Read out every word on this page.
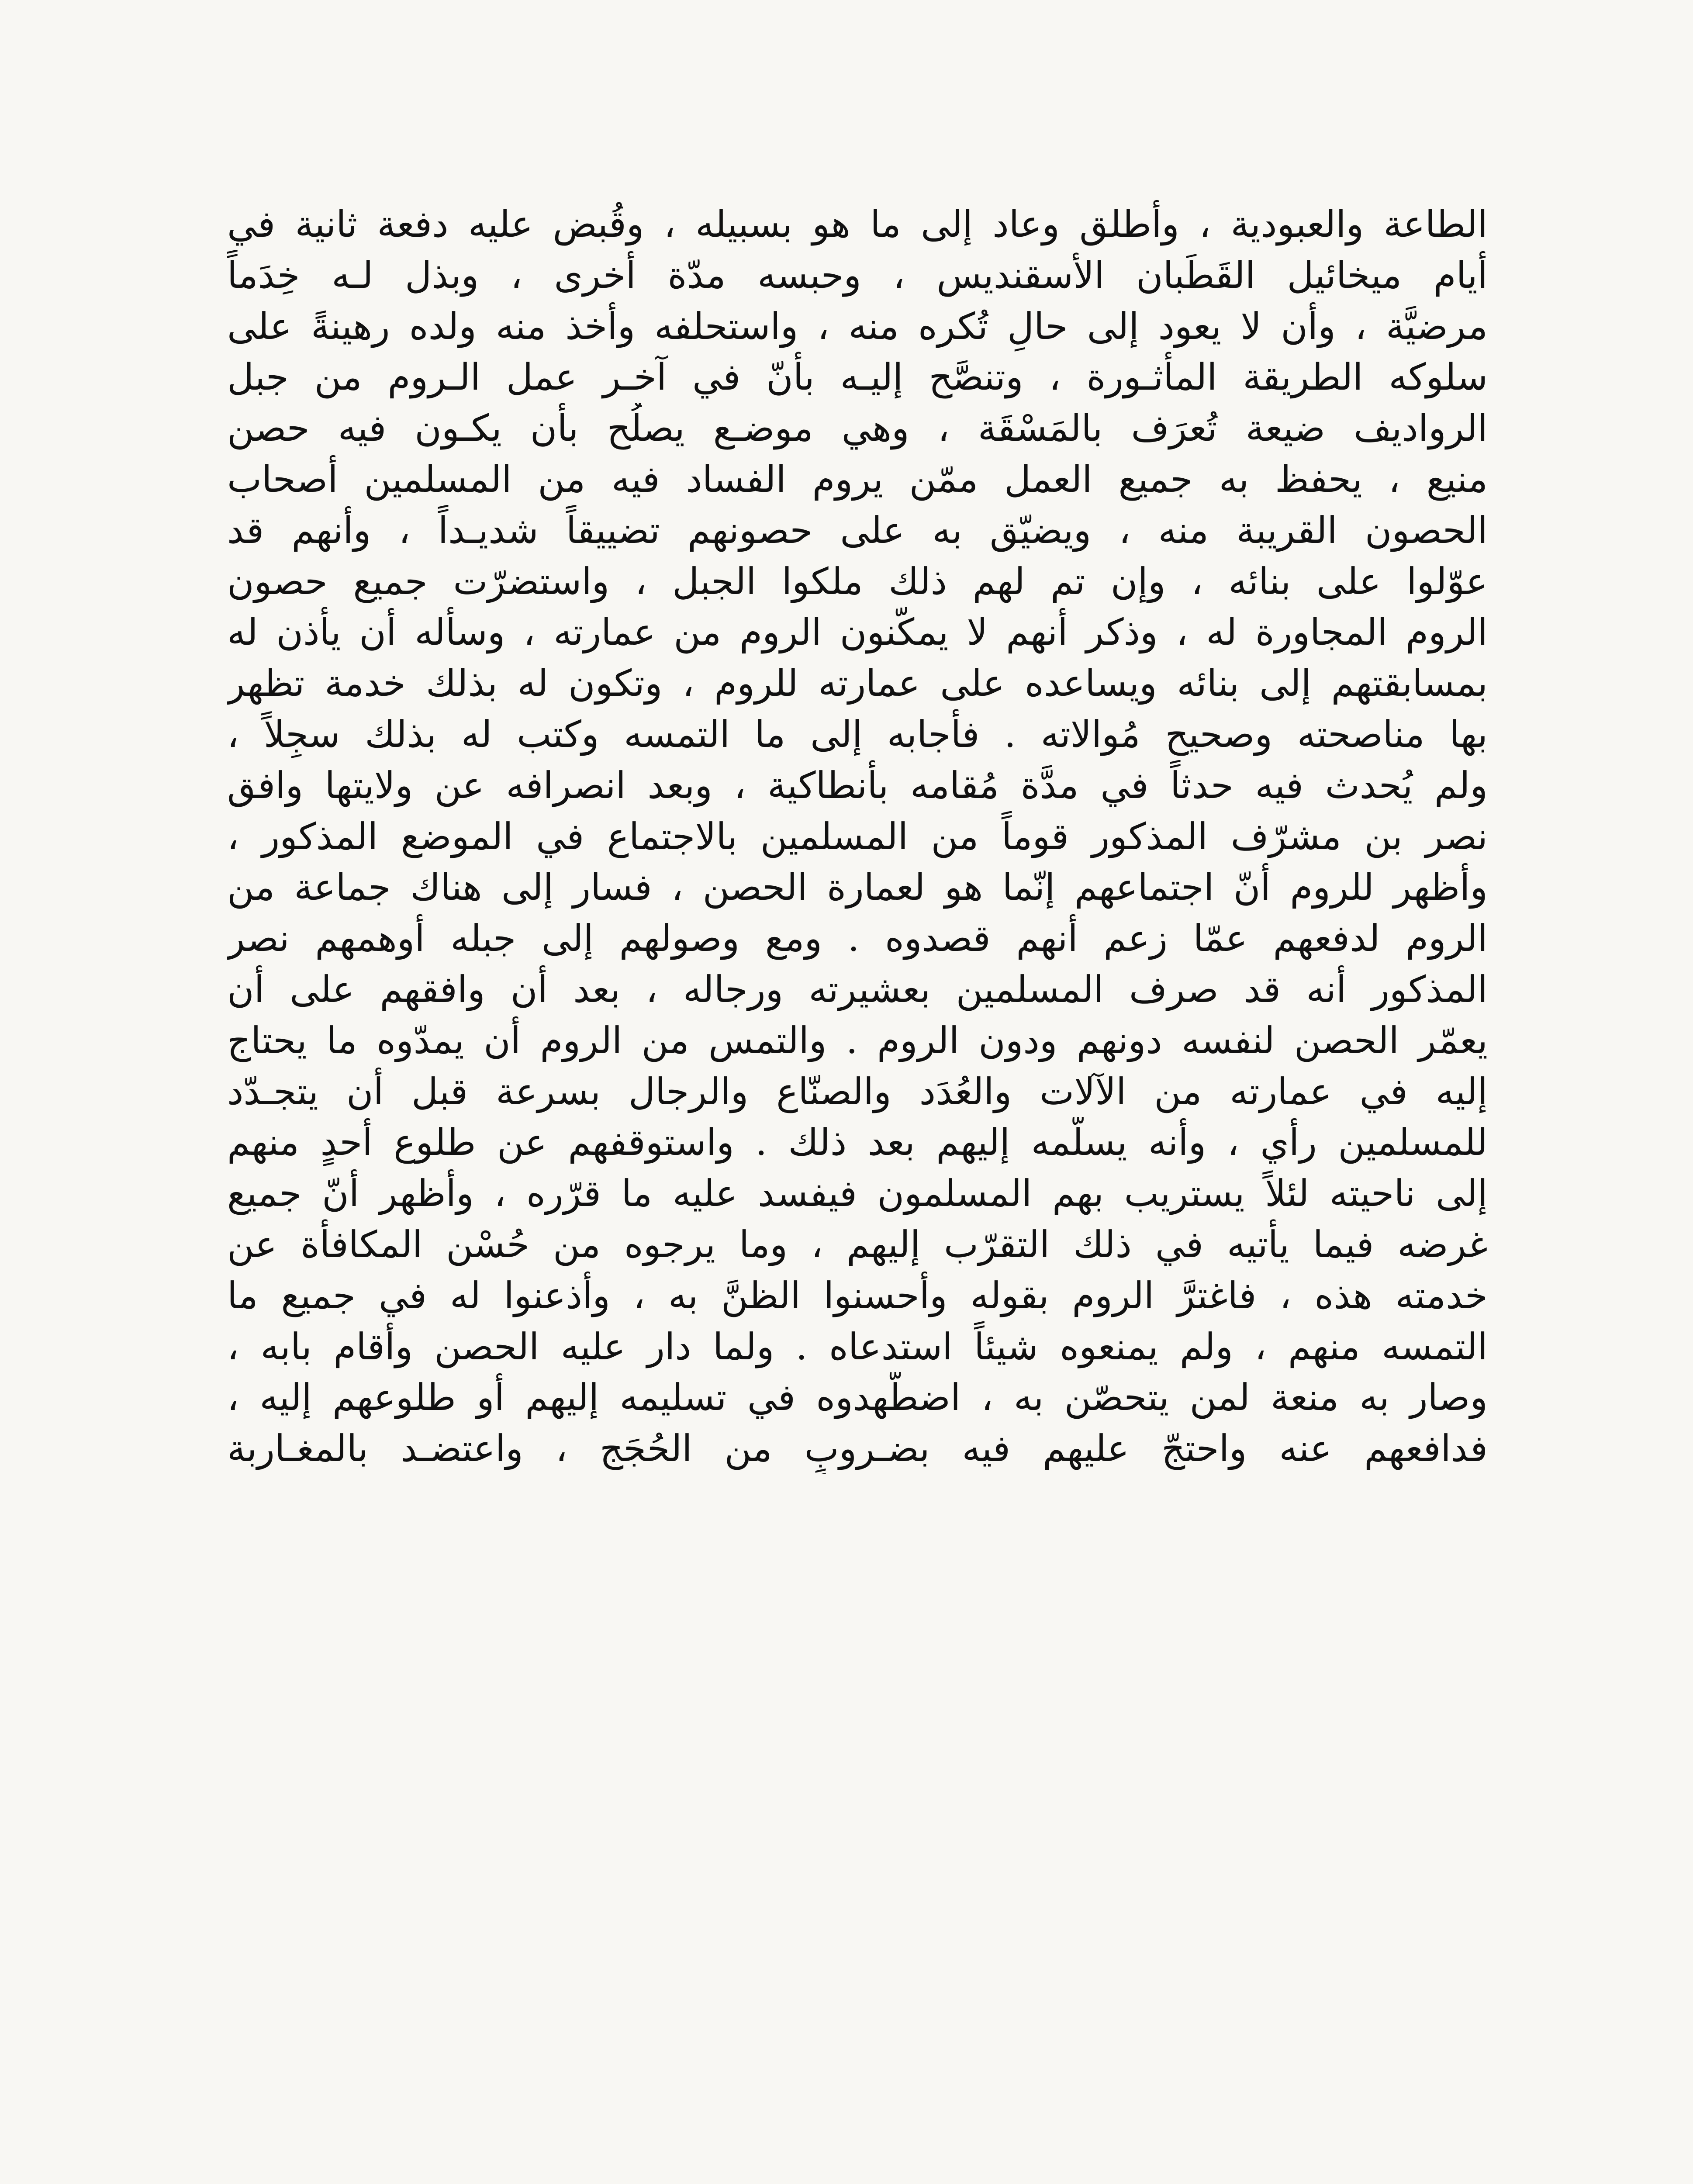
الطاعة والعبودية ، وأُطلق وعاد إلى ما هو بسبيله ، وقُبض عليه دفعة ثانية في
أيام ميخائيل القَطَبان الأسقنديس ، وحبسه مدّة أخرى ، وبذل لـه خِدَماً
مرضيَّة ، وأن لا يعود إلى حالٍ تُكره منه ، واستحلفه وأخذ منه ولده رهينةً على
سلوكه الطريقة المأثـورة ، وتنصَّح إليـه بأنّ في آخـر عمل الـروم من جبل
الرواديف ضيعة تُعرَف بالمَسْقَة ، وهي موضـع يصلُح بأن يكـون فيه حصن
منيع ، يحفظ به جميع العمل ممّن يروم الفساد فيه من المسلمين أصحاب
الحصون القريبة منه ، ويضيّق به على حصونهم تضييقاً شديـداً ، وأنهم قد
عوّلوا على بنائه ، وإن تم لهم ذلك ملكوا الجبل ، واستضرّت جميع حصون
الروم المجاورة له ، وذكر أنهم لا يمكّنون الروم من عمارته ، وسأله أن يأذن له
بمسابقتهم إلى بنائه ويساعده على عمارته للروم ، وتكون له بذلك خدمة تظهر
بها مناصحته وصحيح مُوالاته . فأجابه إلى ما التمسه وكتب له بذلك سجِلاً ،
ولم يُحدث فيه حدثاً في مدَّة مُقامه بأنطاكية ، وبعد انصرافه عن ولايتها وافق
نصر بن مشرّف المذكور قوماً من المسلمين بالاجتماع في الموضع المذكور ،
وأظهر للروم أنّ اجتماعهم إنّما هو لعمارة الحصن ، فسار إلى هناك جماعة من
الروم لدفعهم عمّا زعم أنهم قصدوه . ومع وصولهم إلى جبله أوهمهم نصر
المذكور أنه قد صرف المسلمين بعشيرته ورجاله ، بعد أن وافقهم على أن
يعمّر الحصن لنفسه دونهم ودون الروم . والتمس من الروم أن يمدّوه ما يحتاج
إليه في عمارته من الآلات والعُدَد والصنّاع والرجال بسرعة قبل أن يتجـدّد
للمسلمين رأي ، وأنه يسلّمه إليهم بعد ذلك . واستوقفهم عن طلوع أحدٍ منهم
إلى ناحيته لئلاً يستريب بهم المسلمون فيفسد عليه ما قرّره ، وأظهر أنّ جميع
غرضه فيما يأتيه في ذلك التقرّب إليهم ، وما يرجوه من حُسْن المكافأة عن
خدمته هذه ، فاغترَّ الروم بقوله وأحسنوا الظنَّ به ، وأذعنوا له في جميع ما
التمسه منهم ، ولم يمنعوه شيئاً استدعاه . ولما دار عليه الحصن وأقام بابه ،
وصار به منعة لمن يتحصّن به ، اضطّهدوه في تسليمه إليهم أو طلوعهم إليه ،
فدافعهم عنه واحتجّ عليهم فيه بضـروبٍ من الحُجَج ، واعتضـد بالمغـاربة
